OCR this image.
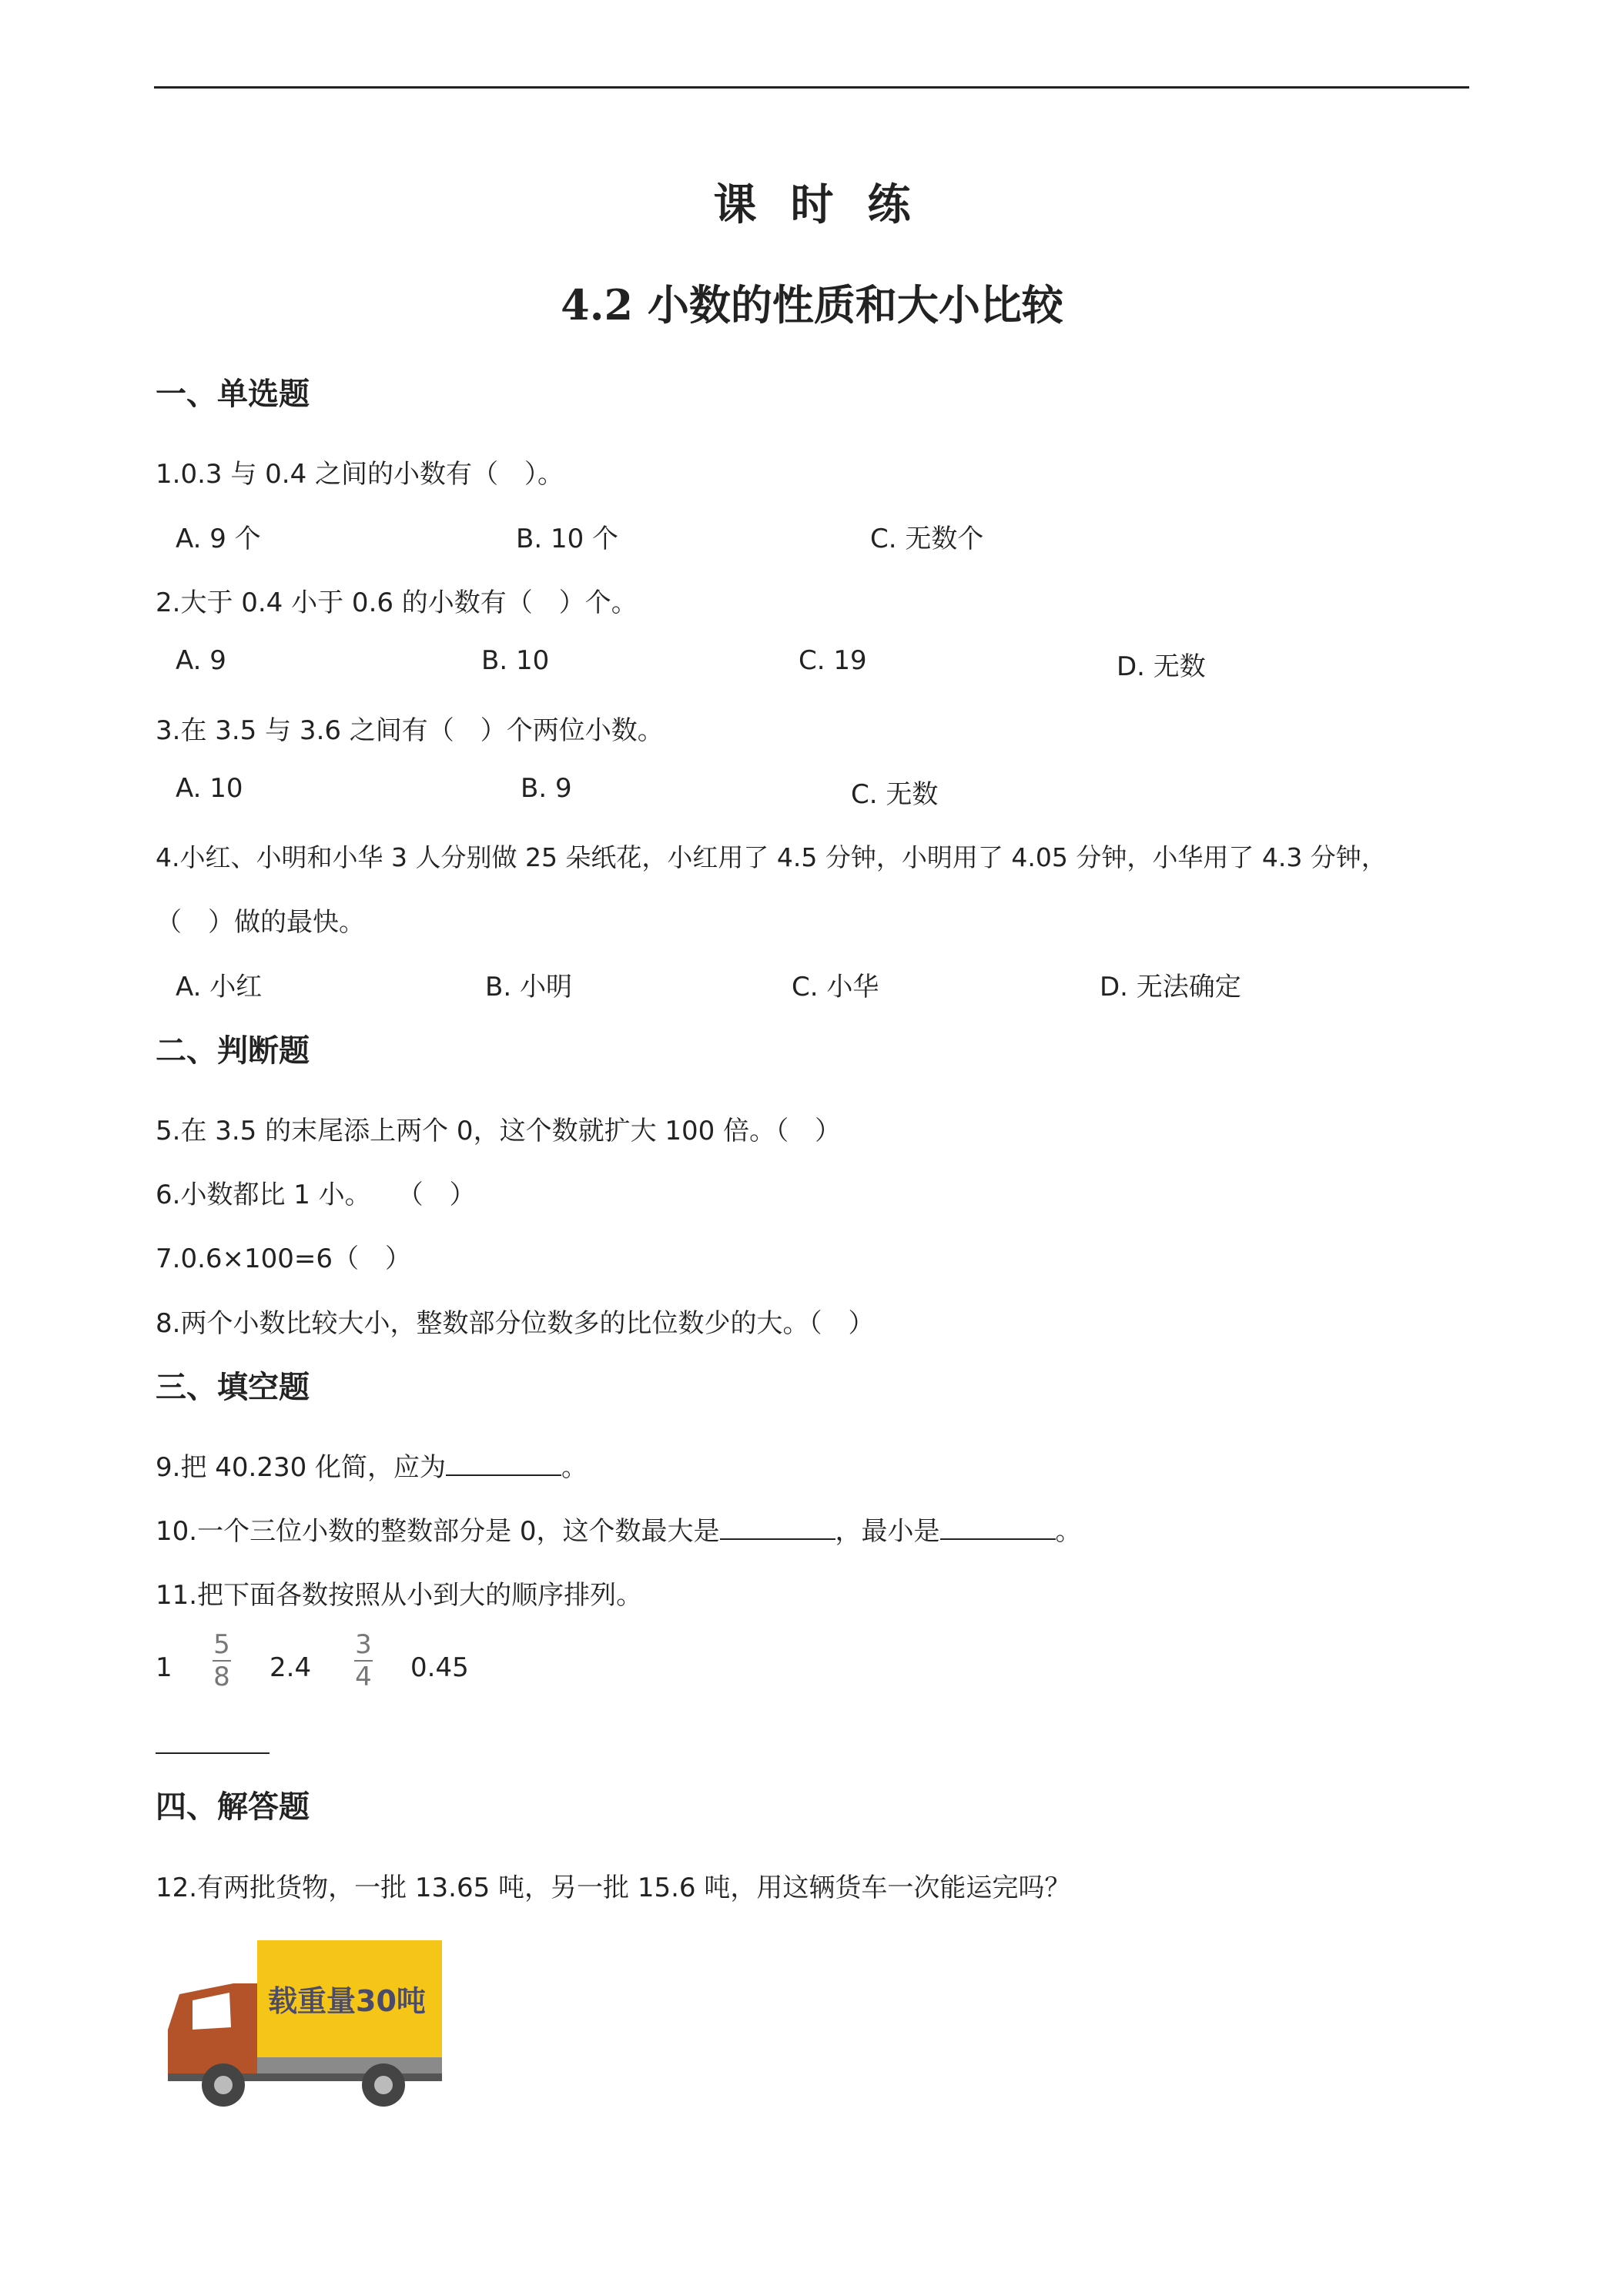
课时练
4.2 小数的性质和大小比较
一、单选题
1.0.3 与 0.4 之间的小数有（　）。
A. 9 个	B. 10 个	C. 无数个
2.大于 0.4 小于 0.6 的小数有（　）个。
A. 9	B. 10	C. 19	D. 无数
3.在 3.5 与 3.6 之间有（　）个两位小数。
A. 10	B. 9	C. 无数
4.小红、小明和小华 3 人分别做 25 朵纸花，小红用了 4.5 分钟，小明用了 4.05 分钟，小华用了 4.3 分钟，
（　）做的最快。
A. 小红	B. 小明	C. 小华	D. 无法确定
二、判断题
5.在 3.5 的末尾添上两个 0，这个数就扩大 100 倍。（　）
6.小数都比 1 小。　　（　）
7.0.6×100=6（　）
8.两个小数比较大小，整数部分位数多的比位数少的大。（　）
三、填空题
9.把 40.230 化简，应为	。
10.一个三位小数的整数部分是 0，这个数最大是	，最小是	。
11.把下面各数按照从小到大的顺序排列。
1
5
8 2.4
3
4 0.45
四、解答题
12.有两批货物，一批 13.65 吨，另一批 15.6 吨，用这辆货车一次能运完吗？
载重量30吨
